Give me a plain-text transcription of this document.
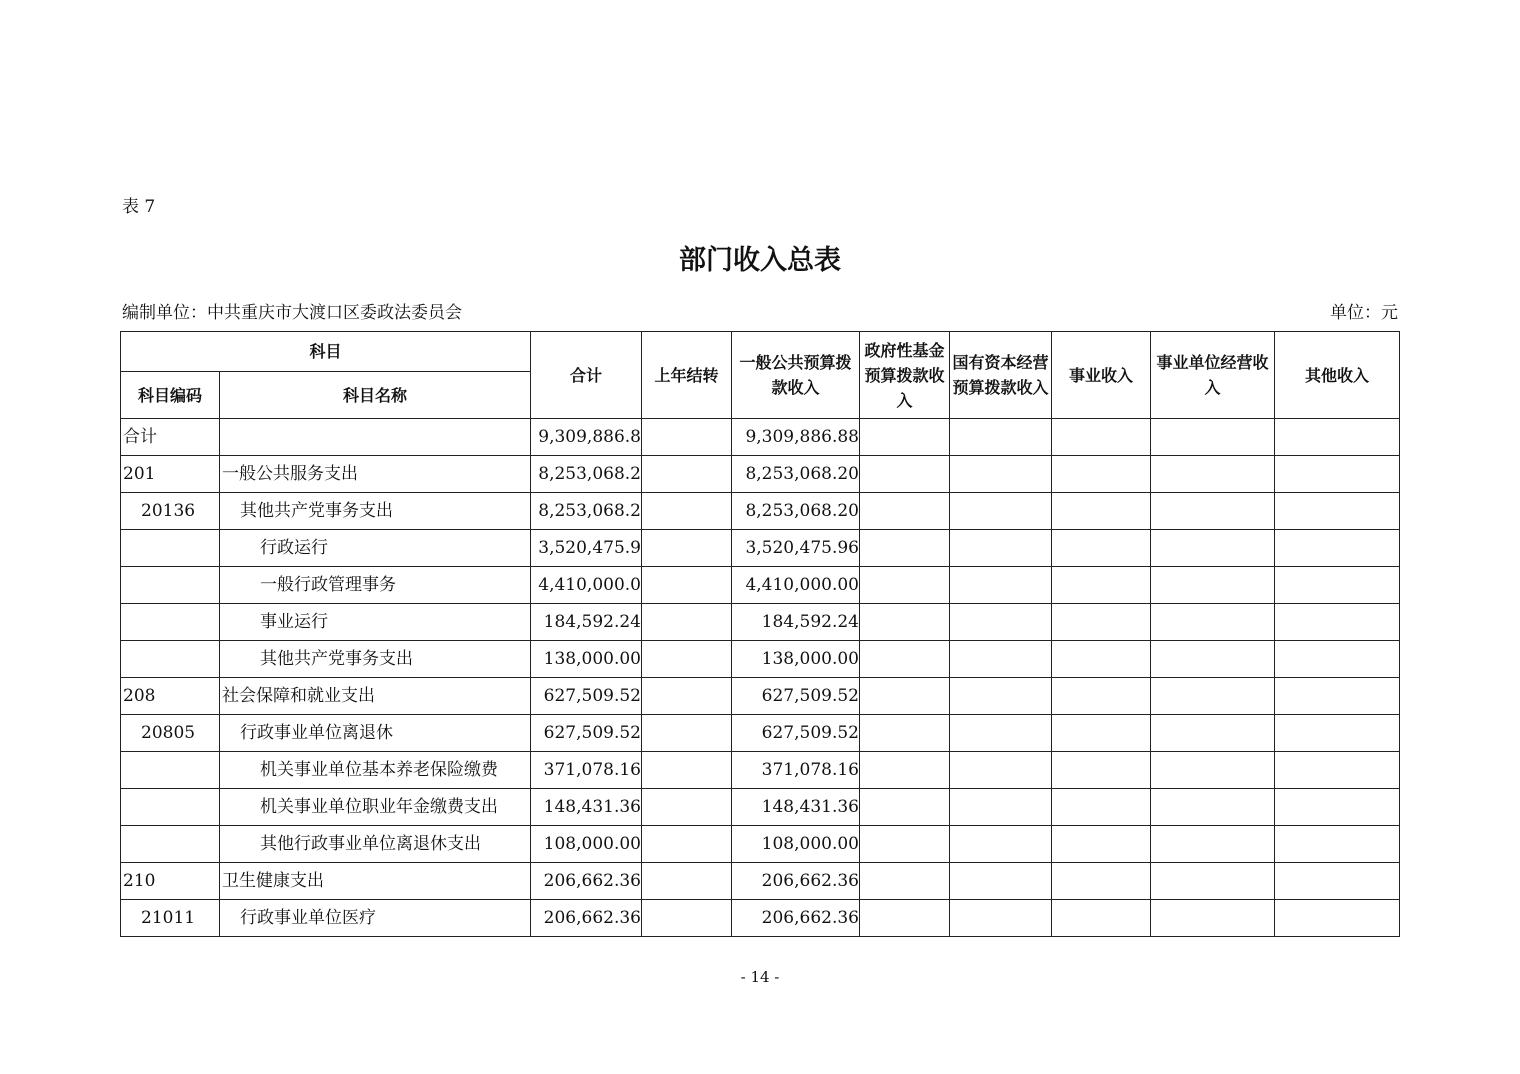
表 7
部门收入总表
编制单位：中共重庆市大渡口区委政法委员会	单位：元
科目		合计	上年结转	一般公共预算拨款收入	政府性基金预算拨款收入	国有资本经营预算拨款收入	事业收入	事业单位经营收入	其他收入
科目编码	科目名称								
合计		9,309,886.8		9,309,886.88					
201	一般公共服务支出	8,253,068.2		8,253,068.20					
20136	其他共产党事务支出	8,253,068.2		8,253,068.20					
	行政运行	3,520,475.9		3,520,475.96					
	一般行政管理事务	4,410,000.0		4,410,000.00					
	事业运行	184,592.24		184,592.24					
	其他共产党事务支出	138,000.00		138,000.00					
208	社会保障和就业支出	627,509.52		627,509.52					
20805	行政事业单位离退休	627,509.52		627,509.52					
	机关事业单位基本养老保险缴费	371,078.16		371,078.16					
	机关事业单位职业年金缴费支出	148,431.36		148,431.36					
	其他行政事业单位离退休支出	108,000.00		108,000.00					
210	卫生健康支出	206,662.36		206,662.36					
21011	行政事业单位医疗	206,662.36		206,662.36					
- 14 -
